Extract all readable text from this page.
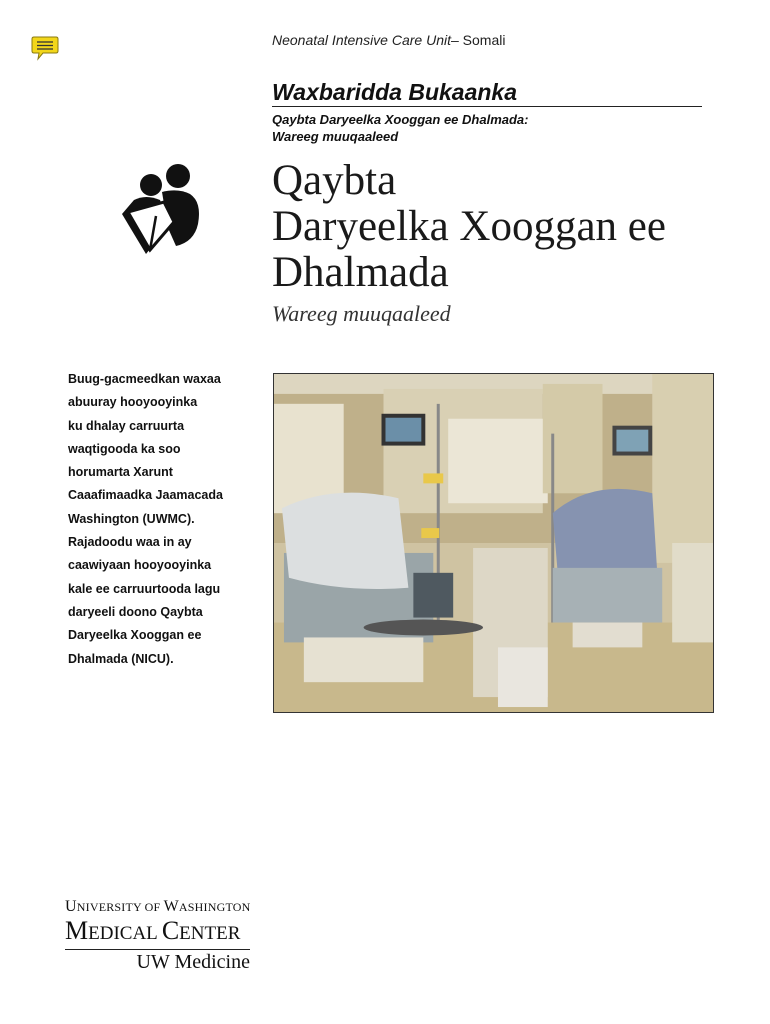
Neonatal Intensive Care Unit– Somali
Waxbaridda Bukaanka
Qaybta Daryeelka Xooggan ee Dhalmada:
Wareeg muuqaaleed
Qaybta
Daryeelka Xooggan ee
Dhalmada
Wareeg muuqaaleed
Buug-gacmeedkan waxaa
abuuray hooyooyinka
ku dhalay carruurta
waqtigooda ka soo
horumarta Xarunt
Caaafimaadka Jaamacada
Washington (UWMC).
Rajadoodu waa in ay
caawiyaan hooyooyinka
kale ee carruurtooda lagu
daryeeli doono Qaybta
Daryeelka Xooggan ee
Dhalmada (NICU).
UNIVERSITY OF WASHINGTON
MEDICAL CENTER
UW Medicine
